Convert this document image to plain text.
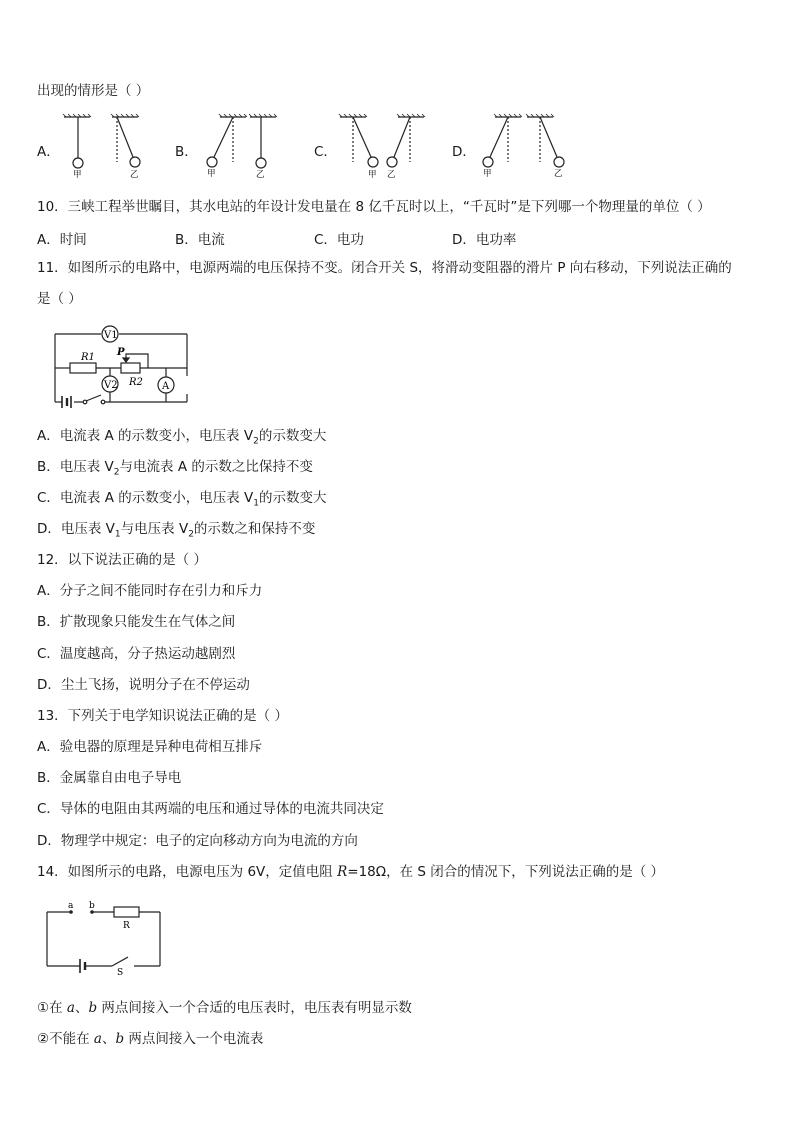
出现的情形是（ ）
A．	B．	C．	D．
甲	乙	甲	乙	甲 乙	甲	乙
10．三峡工程举世瞩目，其水电站的年设计发电量在 8 亿千瓦时以上，“千瓦时”是下列哪一个物理量的单位（ ）
A．时间	B．电流	C．电功	D．电功率
11．如图所示的电路中，电源两端的电压保持不变。闭合开关 S，将滑动变阻器的滑片 P 向右移动，下列说法正确的
是（ ）
V1
R1 P
R2
V2	A
A．电流表 A 的示数变小，电压表 $V_2$的示数变大
B．电压表 $V_2$与电流表 A 的示数之比保持不变
C．电流表 A 的示数变小，电压表 $V_1$的示数变大
D．电压表 $V_1$与电压表 $V_2$的示数之和保持不变
12．以下说法正确的是（ ）
A．分子之间不能同时存在引力和斥力
B．扩散现象只能发生在气体之间
C．温度越高，分子热运动越剧烈
D．尘土飞扬，说明分子在不停运动
13．下列关于电学知识说法正确的是（ ）
A．验电器的原理是异种电荷相互排斥
B．金属靠自由电子导电
C．导体的电阻由其两端的电压和通过导体的电流共同决定
D．物理学中规定：电子的定向移动方向为电流的方向
14．如图所示的电路，电源电压为 6V，定值电阻 R=18Ω，在 S 闭合的情况下，下列说法正确的是（ ）
a b
R
S
①在 a、b 两点间接入一个合适的电压表时，电压表有明显示数
②不能在 a、b 两点间接入一个电流表
